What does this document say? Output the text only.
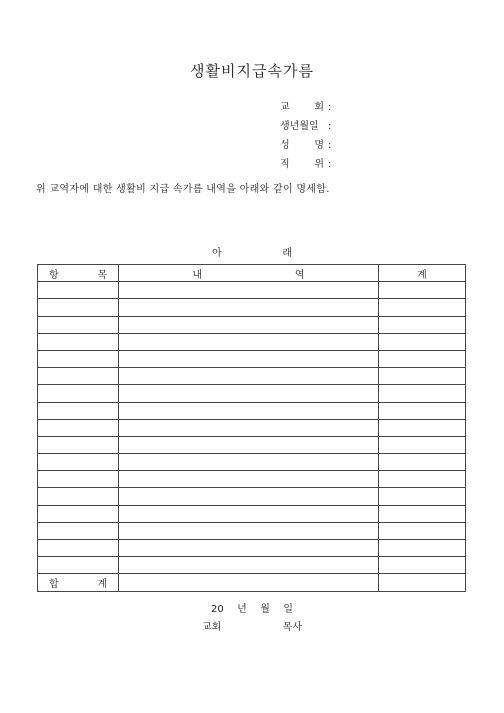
생활비지급속가름
교 회 :
생년월일 :
성 명 :
직 위 :
위 교역자에 대한 생활비 지급 속가름 내역을 아래와 같이 명세함.
아 래
항 목	내 역	계

합 계		
20 년 월 일
교회 목사
